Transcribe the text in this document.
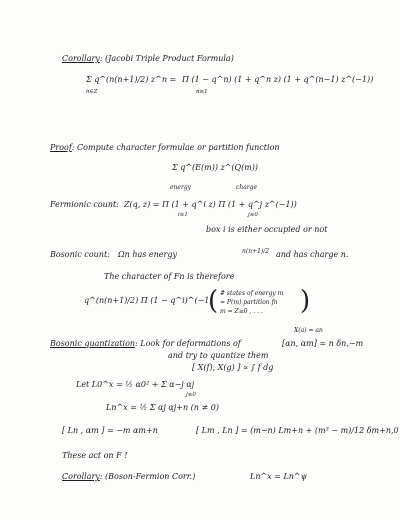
Corollary: (Jacobi Triple Product Formula)
Σ q^(n(n+1)/2) z^n =
n∈Z
Π (1 − q^n) (1 + q^n z) (1 + q^(n−1) z^(−1))
n≥1
Proof: Compute character formulae or partition function
Σ q^(E(m)) z^(Q(m))
energy	charge
Fermionic count: Z(q, z) = Π (1 + q^i z) Π (1 + q^j z^(−1))
i≥1	j≥0
box i is either occupied or not
Bosonic count: Ωn has energy	n(n+1)/2 and has charge n.
The character of Fn is therefore
q^(n(n+1)/2) Π (1 − q^i)^(−1)
( # states of energy m
= P(m) partition fn
m = Z≥0 , . . . )
X(a) = an
Bosonic quantization: Look for deformations of	[αn, αm] = n δn,−m
and try to quantize them
[ X(f), X(g) ] ∝ ∫ f dg
Let L0^x = ½ α0² + Σ α−j αj
j≥0
Ln^x = ½ Σ αj αj+n (n ≠ 0)
[ Ln , αm ] = −m αm+n	[ Lm , Ln ] = (m−n) Lm+n + (m³ − m)/12 δm+n,0
These act on F !
Corollary: (Boson-Fermion Corr.)	Ln^x = Ln^ψ
